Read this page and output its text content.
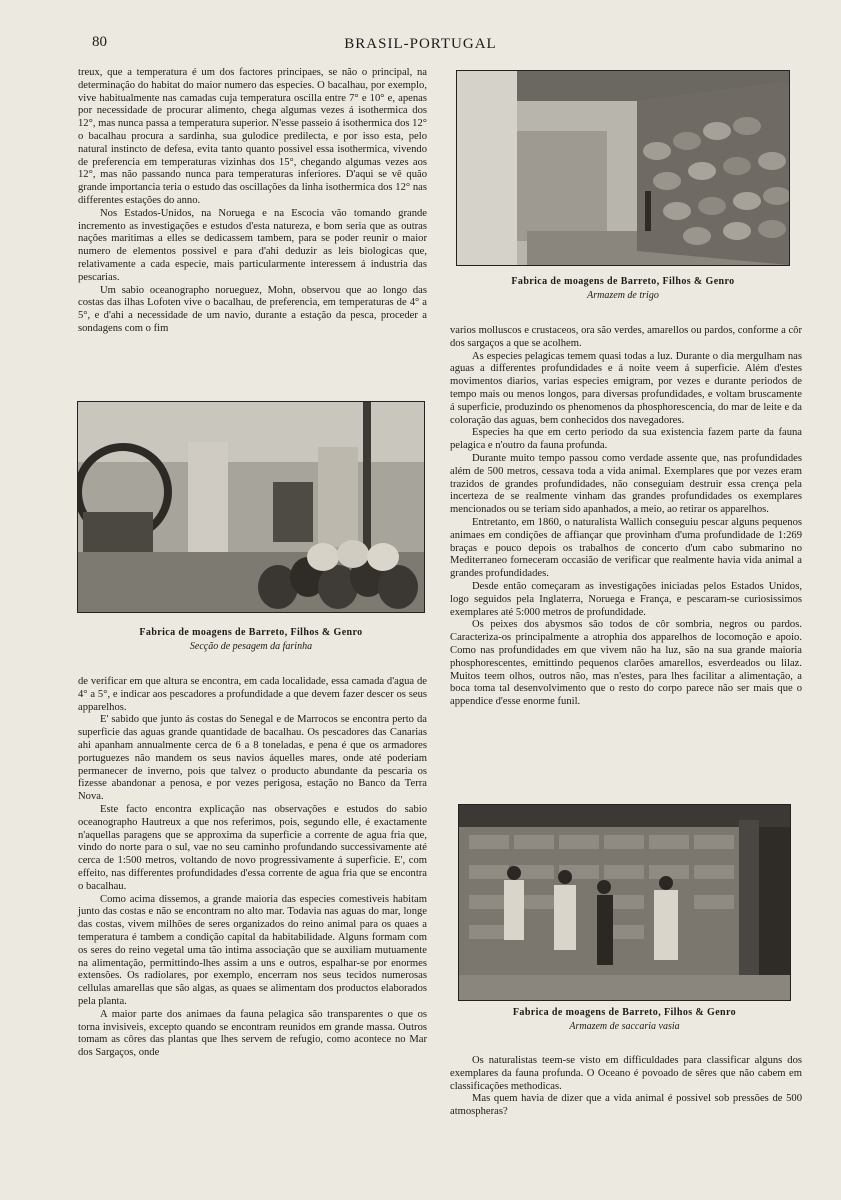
80	BRASIL-PORTUGAL

treux, que a temperatura é um dos factores principaes, se não o principal, na determinação do habitat do maior numero das especies. O bacalhau, por exemplo, vive habitualmente nas camadas cuja temperatura oscilla entre 7° e 10° e, apenas por necessidade de procurar alimento, chega algumas vezes á isothermica dos 12°, mas nunca passa a temperatura superior. N'esse passeio á isothermica dos 12° o bacalhau procura a sardinha, sua gulodice predilecta, e por isso esta, pelo natural instincto de defesa, evita tanto quanto possivel essa isothermica, vivendo de preferencia em temperaturas vizinhas dos 15°, chegando algumas vezes aos 12°, mas não passando nunca para temperaturas inferiores. D'aqui se vê quão grande importancia teria o estudo das oscillações da linha isothermica dos 12° nas differentes estações do anno.

Nos Estados-Unidos, na Noruega e na Escocia vão tomando grande incremento as investigações e estudos d'esta natureza, e bom seria que as outras nações maritimas a elles se dedicassem tambem, para se poder reunir o maior numero de elementos possivel e para d'ahi deduzir as leis biologicas que, relativamente a cada especie, mais particularmente interessem á industria das pescarias.

Um sabio oceanographo norueguez, Mohn, observou que ao longo das costas das ilhas Lofoten vive o bacalhau, de preferencia, em temperaturas de 4° a 5°, e d'ahi a necessidade de um navio, durante a estação da pesca, proceder a sondagens com o fim

Fabrica de moagens de Barreto, Filhos & Genro
Secção de pesagem da farinha

de verificar em que altura se encontra, em cada localidade, essa camada d'agua de 4° a 5°, e indicar aos pescadores a profundidade a que devem fazer descer os seus apparelhos.

E' sabido que junto ás costas do Senegal e de Marrocos se encontra perto da superficie das aguas grande quantidade de bacalhau. Os pescadores das Canarias ahi apanham annualmente cerca de 6 a 8 toneladas, e pena é que os armadores portuguezes não mandem os seus navios áquelles mares, onde até poderiam permanecer de inverno, pois que talvez o producto abundante da pescaria os fizesse abandonar a penosa, e por vezes perigosa, estação no Banco da Terra Nova.

Este facto encontra explicação nas observações e estudos do sabio oceanographo Hautreux a que nos referimos, pois, segundo elle, é exactamente n'aquellas paragens que se approxima da superficie a corrente de agua fria que, vindo do norte para o sul, vae no seu caminho profundando successivamente até cerca de 1:500 metros, voltando de novo progressivamente á superficie. E', com effeito, nas differentes profundidades d'essa corrente de agua fria que se encontra o bacalhau.

Como acima dissemos, a grande maioria das especies comestiveis habitam junto das costas e não se encontram no alto mar. Todavia nas aguas do mar, longe das costas, vivem milhões de seres organizados do reino animal para os quaes a temperatura é tambem a condição capital da habitabilidade. Alguns formam com os seres do reino vegetal uma tão intima associação que se auxiliam mutuamente na alimentação, permittindo-lhes assim a uns e outros, espalhar-se por enormes extensões. Os radiolares, por exemplo, encerram nos seus tecidos numerosas cellulas amarellas que são algas, as quaes se alimentam dos productos elaborados pela planta.

A maior parte dos animaes da fauna pelagica são transparentes o que os torna invisiveis, excepto quando se encontram reunidos em grande massa. Outros tomam as côres das plantas que lhes servem de refugio, como acontece no Mar dos Sargaços, onde

Fabrica de moagens de Barreto, Filhos & Genro
Armazem de trigo

varios molluscos e crustaceos, ora são verdes, amarellos ou pardos, conforme a côr dos sargaços a que se acolhem.

As especies pelagicas temem quasi todas a luz. Durante o dia mergulham nas aguas a differentes profundidades e á noite veem á superficie. Além d'estes movimentos diarios, varias especies emigram, por vezes e durante periodos de tempo mais ou menos longos, para diversas profundidades, e voltam bruscamente á superficie, produzindo os phenomenos da phosphorescencia, do mar de leite e da coloração das aguas, bem conhecidos dos navegadores.

Especies ha que em certo periodo da sua existencia fazem parte da fauna pelagica e n'outro da fauna profunda.

Durante muito tempo passou como verdade assente que, nas profundidades além de 500 metros, cessava toda a vida animal. Exemplares que por vezes eram trazidos de grandes profundidades, não conseguiam destruir essa crença pela incerteza de se realmente vinham das grandes profundidades os exemplares mencionados ou se teriam sido apanhados, a meio, ao retirar os apparelhos.

Entretanto, em 1860, o naturalista Wallich conseguiu pescar alguns pequenos animaes em condições de affiançar que provinham d'uma profundidade de 1:269 braças e pouco depois os trabalhos de concerto d'um cabo submarino no Mediterraneo forneceram occasião de verificar que realmente havia vida animal a grandes profundidades.

Desde então começaram as investigações iniciadas pelos Estados Unidos, logo seguidos pela Inglaterra, Noruega e França, e pescaram-se curiosissimos exemplares até 5:000 metros de profundidade.

Os peixes dos abysmos são todos de côr sombria, negros ou pardos. Caracteriza-os principalmente a atrophia dos apparelhos de locomoção e apoio. Como nas profundidades em que vivem não ha luz, são na sua grande maioria phosphorescentes, emittindo pequenos clarões amarellos, esverdeados ou lilaz. Muitos teem olhos, outros não, mas n'estes, para lhes facilitar a alimentação, a boca toma tal desenvolvimento que o resto do corpo parece não ser mais que o appendice d'esse enorme funil.

Fabrica de moagens de Barreto, Filhos & Genro
Armazem de saccaria vasia

Os naturalistas teem-se visto em difficuldades para classificar alguns dos exemplares da fauna profunda. O Oceano é povoado de sêres que não cabem em classificações methodicas.

Mas quem havia de dizer que a vida animal é possivel sob pressões de 500 atmospheras?
